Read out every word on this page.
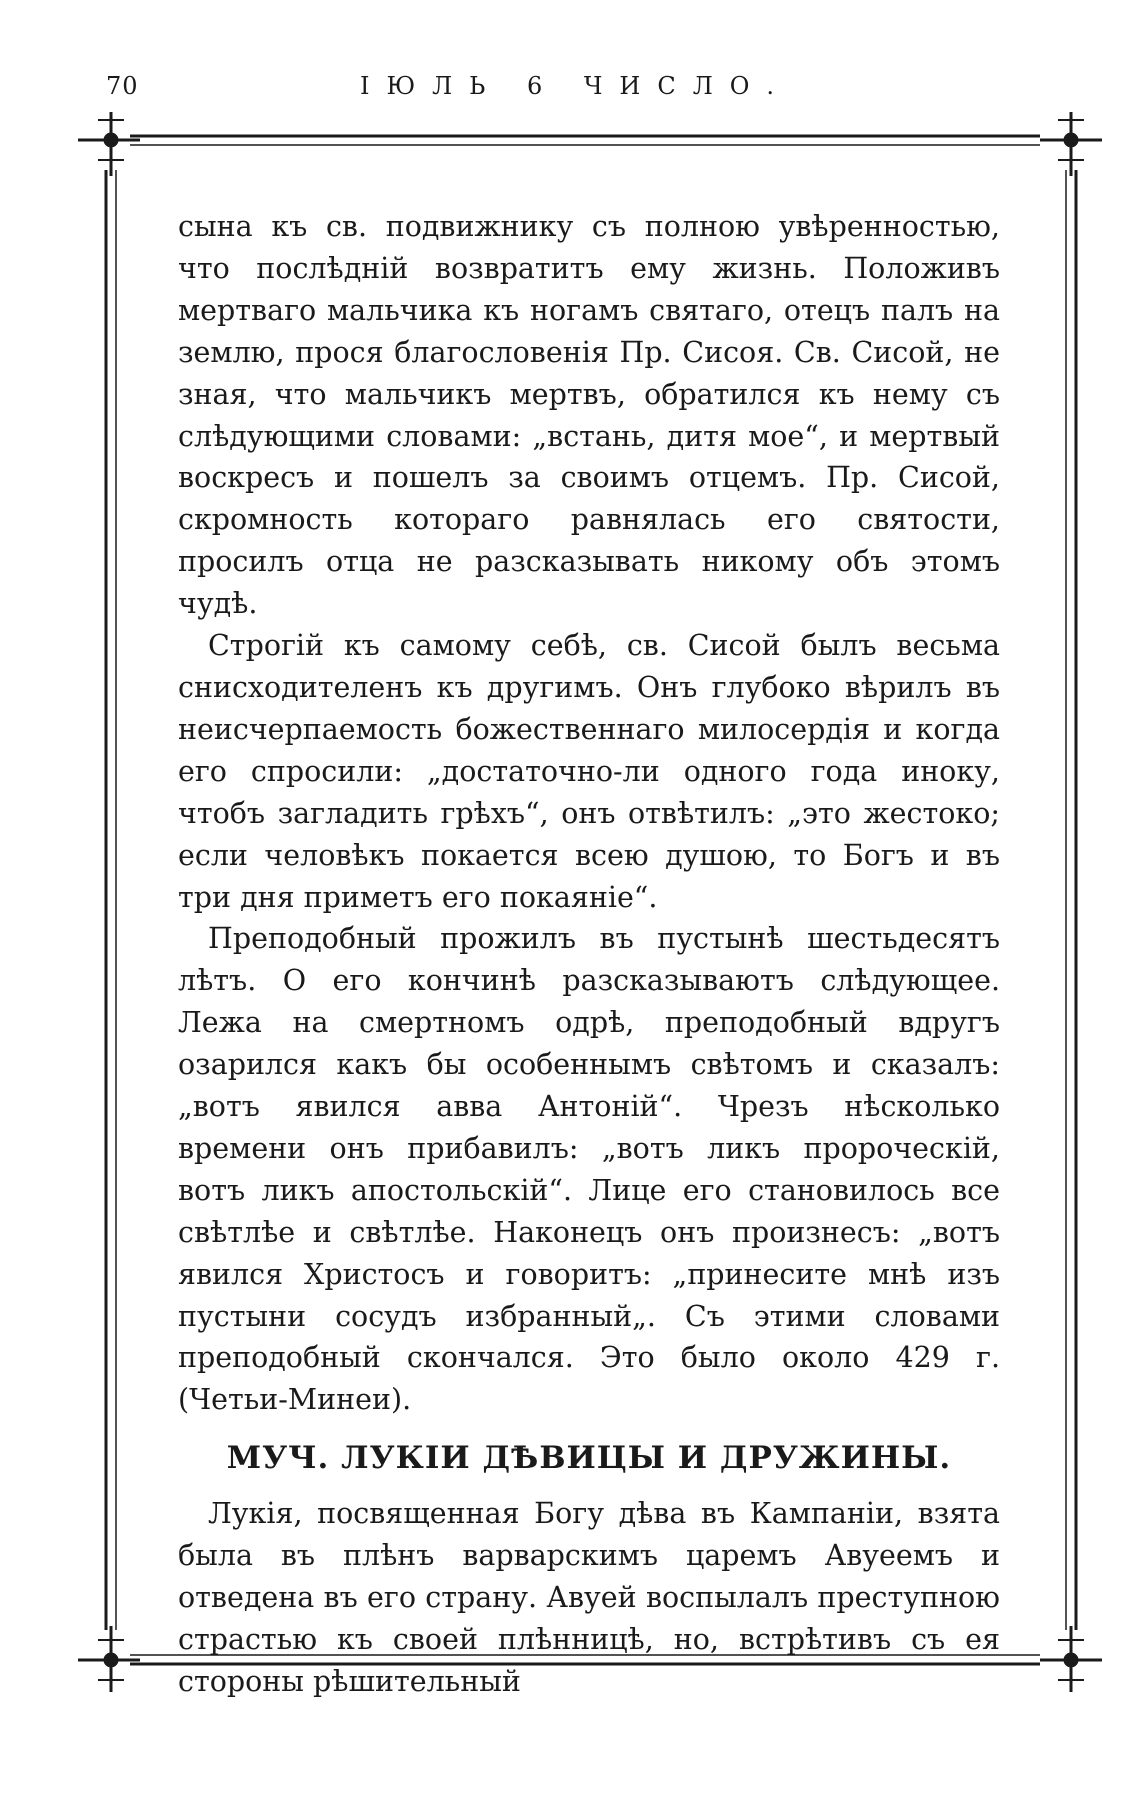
70	ІЮЛЬ 6 ЧИСЛО.

сына къ св. подвижнику съ полною увѣренностью, что послѣдній возвратитъ ему жизнь. Положивъ мертваго мальчика къ ногамъ святаго, отецъ палъ на землю, прося благословенія Пр. Сисоя. Св. Сисой, не зная, что мальчикъ мертвъ, обратился къ нему съ слѣдующими словами: „встань, дитя мое“, и мертвый воскресъ и пошелъ за своимъ отцемъ. Пр. Сисой, скромность котораго равнялась его святости, просилъ отца не разсказывать никому объ этомъ чудѣ.

Строгій къ самому себѣ, св. Сисой былъ весьма снисходителенъ къ другимъ. Онъ глубоко вѣрилъ въ неисчерпаемость божественнаго милосердія и когда его спросили: „достаточно-ли одного года иноку, чтобъ загладить грѣхъ“, онъ отвѣтилъ: „это жестоко; если человѣкъ покается всею душою, то Богъ и въ три дня приметъ его покаяніе“.

Преподобный прожилъ въ пустынѣ шестьдесятъ лѣтъ. О его кончинѣ разсказываютъ слѣдующее. Лежа на смертномъ одрѣ, преподобный вдругъ озарился какъ бы особеннымъ свѣтомъ и сказалъ: „вотъ явился авва Антоній“. Чрезъ нѣсколько времени онъ прибавилъ: „вотъ ликъ пророческій, вотъ ликъ апостольскій“. Лице его становилось все свѣтлѣе и свѣтлѣе. Наконецъ онъ произнесъ: „вотъ явился Христосъ и говоритъ: „принесите мнѣ изъ пустыни сосудъ избранный„. Съ этими словами преподобный скончался. Это было около 429 г. (Четьи-Минеи).

МУЧ. ЛУКІИ ДѢВИЦЫ И ДРУЖИНЫ.

Лукія, посвященная Богу дѣва въ Кампаніи, взята была въ плѣнъ варварскимъ царемъ Авуеемъ и отведена въ его страну. Авуей воспылалъ преступною страстью къ своей плѣнницѣ, но, встрѣтивъ съ ея стороны рѣшительный
